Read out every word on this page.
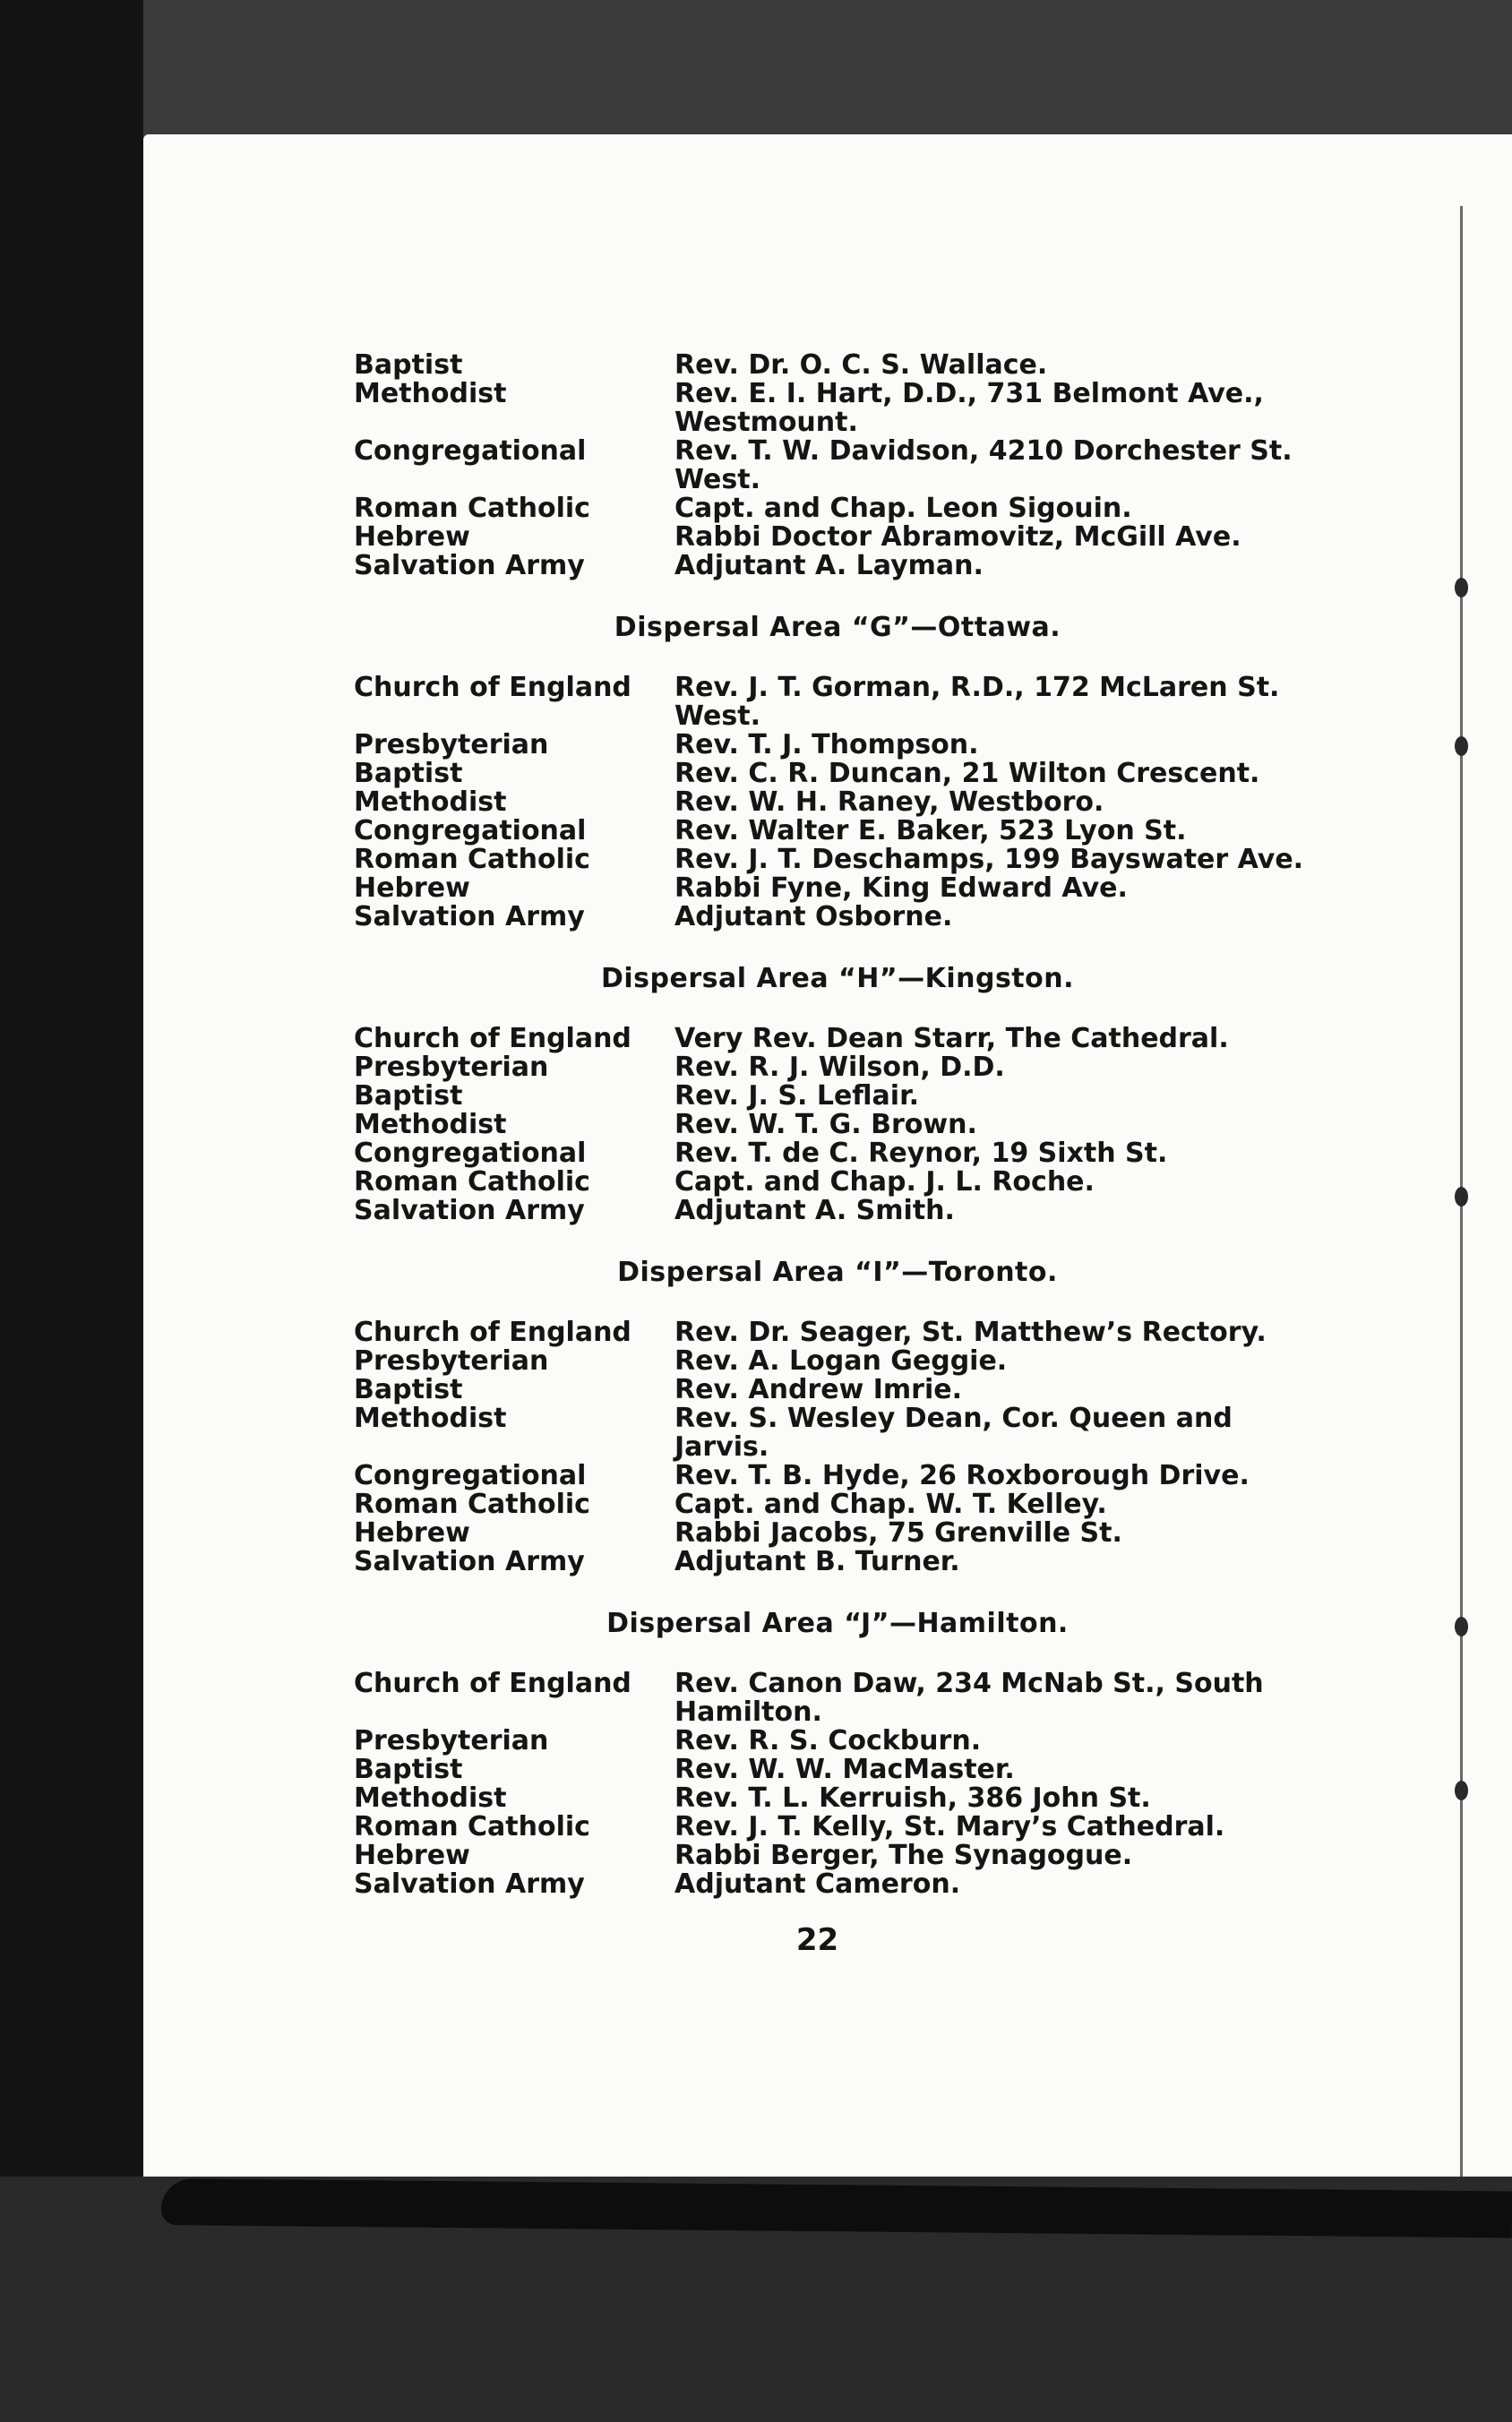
Baptist	Rev. Dr. O. C. S. Wallace.
Methodist	Rev. E. I. Hart, D.D., 731 Belmont Ave., Westmount.
Congregational	Rev. T. W. Davidson, 4210 Dorchester St. West.
Roman Catholic	Capt. and Chap. Leon Sigouin.
Hebrew	Rabbi Doctor Abramovitz, McGill Ave.
Salvation Army	Adjutant A. Layman.
Dispersal Area “G”—Ottawa.
Church of England	Rev. J. T. Gorman, R.D., 172 McLaren St. West.
Presbyterian	Rev. T. J. Thompson.
Baptist	Rev. C. R. Duncan, 21 Wilton Crescent.
Methodist	Rev. W. H. Raney, Westboro.
Congregational	Rev. Walter E. Baker, 523 Lyon St.
Roman Catholic	Rev. J. T. Deschamps, 199 Bayswater Ave.
Hebrew	Rabbi Fyne, King Edward Ave.
Salvation Army	Adjutant Osborne.
Dispersal Area “H”—Kingston.
Church of England	Very Rev. Dean Starr, The Cathedral.
Presbyterian	Rev. R. J. Wilson, D.D.
Baptist	Rev. J. S. Leflair.
Methodist	Rev. W. T. G. Brown.
Congregational	Rev. T. de C. Reynor, 19 Sixth St.
Roman Catholic	Capt. and Chap. J. L. Roche.
Salvation Army	Adjutant A. Smith.
Dispersal Area “I”—Toronto.
Church of England	Rev. Dr. Seager, St. Matthew’s Rectory.
Presbyterian	Rev. A. Logan Geggie.
Baptist	Rev. Andrew Imrie.
Methodist	Rev. S. Wesley Dean, Cor. Queen and Jarvis.
Congregational	Rev. T. B. Hyde, 26 Roxborough Drive.
Roman Catholic	Capt. and Chap. W. T. Kelley.
Hebrew	Rabbi Jacobs, 75 Grenville St.
Salvation Army	Adjutant B. Turner.
Dispersal Area “J”—Hamilton.
Church of England	Rev. Canon Daw, 234 McNab St., South Hamilton.
Presbyterian	Rev. R. S. Cockburn.
Baptist	Rev. W. W. MacMaster.
Methodist	Rev. T. L. Kerruish, 386 John St.
Roman Catholic	Rev. J. T. Kelly, St. Mary’s Cathedral.
Hebrew	Rabbi Berger, The Synagogue.
Salvation Army	Adjutant Cameron.
22
